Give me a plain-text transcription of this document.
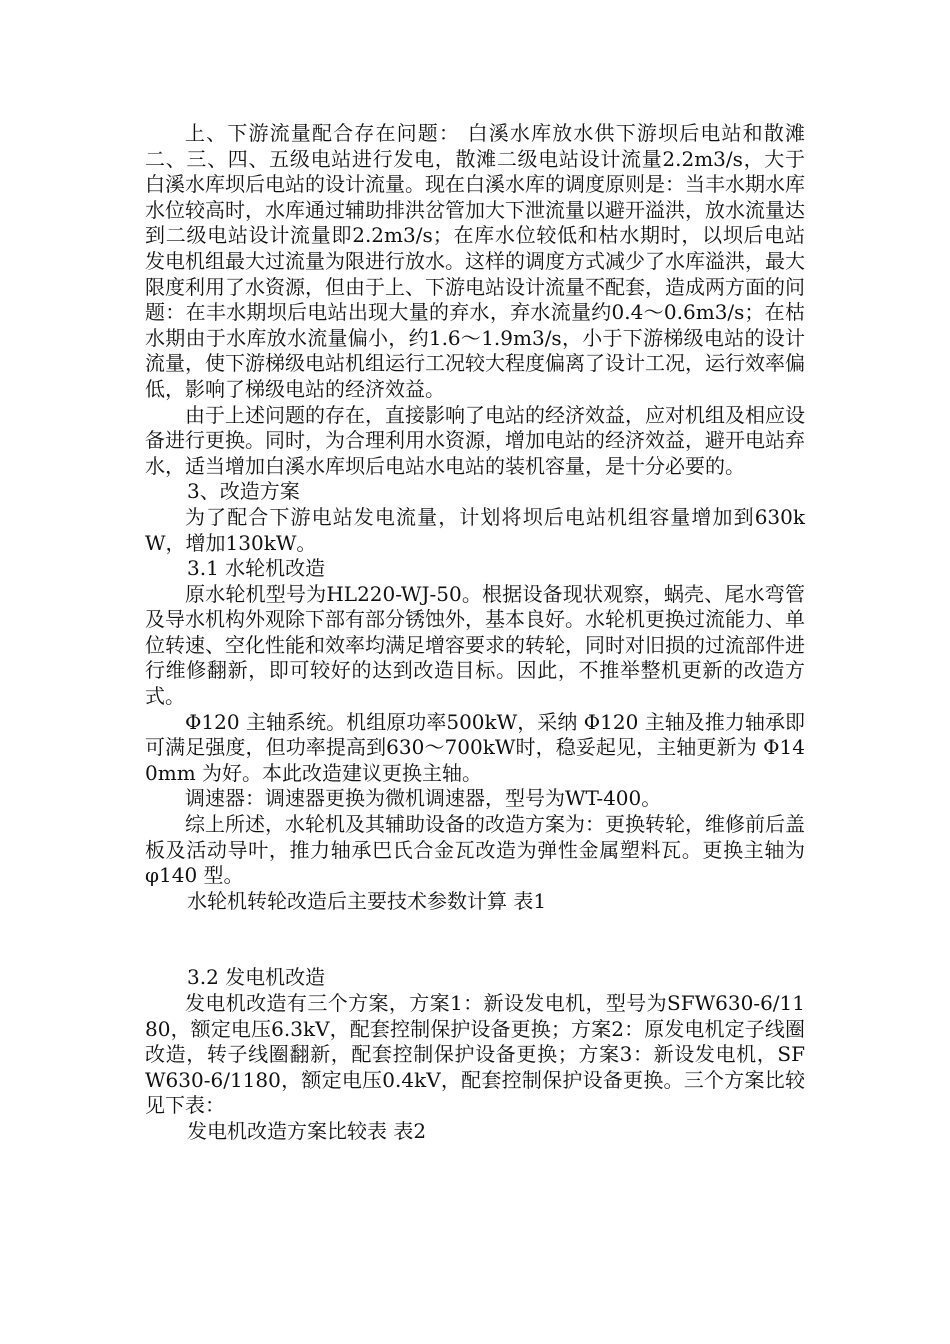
上、下游流量配合存在问题： 白溪水库放水供下游坝后电站和散滩二、三、四、五级电站进行发电，散滩二级电站设计流量2.2m3/s，大于白溪水库坝后电站的设计流量。现在白溪水库的调度原则是：当丰水期水库水位较高时，水库通过辅助排洪岔管加大下泄流量以避开溢洪，放水流量达到二级电站设计流量即2.2m3/s；在库水位较低和枯水期时，以坝后电站发电机组最大过流量为限进行放水。这样的调度方式减少了水库溢洪，最大限度利用了水资源，但由于上、下游电站设计流量不配套，造成两方面的问题：在丰水期坝后电站出现大量的弃水，弃水流量约0.4～0.6m3/s；在枯水期由于水库放水流量偏小，约1.6～1.9m3/s，小于下游梯级电站的设计流量，使下游梯级电站机组运行工况较大程度偏离了设计工况，运行效率偏低，影响了梯级电站的经济效益。

由于上述问题的存在，直接影响了电站的经济效益，应对机组及相应设备进行更换。同时，为合理利用水资源，增加电站的经济效益，避开电站弃水，适当增加白溪水库坝后电站水电站的装机容量，是十分必要的。

3、改造方案

为了配合下游电站发电流量，计划将坝后电站机组容量增加到630kW，增加130kW。

3.1 水轮机改造

原水轮机型号为HL220-WJ-50。根据设备现状观察，蜗壳、尾水弯管及导水机构外观除下部有部分锈蚀外，基本良好。水轮机更换过流能力、单位转速、空化性能和效率均满足增容要求的转轮，同时对旧损的过流部件进行维修翻新，即可较好的达到改造目标。因此，不推举整机更新的改造方式。

Φ120 主轴系统。机组原功率500kW，采纳 Φ120 主轴及推力轴承即可满足强度，但功率提高到630～700kW时，稳妥起见，主轴更新为 Φ140mm 为好。本此改造建议更换主轴。

调速器：调速器更换为微机调速器，型号为WT-400。

综上所述，水轮机及其辅助设备的改造方案为：更换转轮，维修前后盖板及活动导叶，推力轴承巴氏合金瓦改造为弹性金属塑料瓦。更换主轴为 φ140 型。

水轮机转轮改造后主要技术参数计算 表1

3.2 发电机改造

发电机改造有三个方案，方案1：新设发电机，型号为SFW630-6/1180，额定电压6.3kV，配套控制保护设备更换；方案2：原发电机定子线圈改造，转子线圈翻新，配套控制保护设备更换；方案3：新设发电机，SFW630-6/1180，额定电压0.4kV，配套控制保护设备更换。三个方案比较见下表：

发电机改造方案比较表 表2
